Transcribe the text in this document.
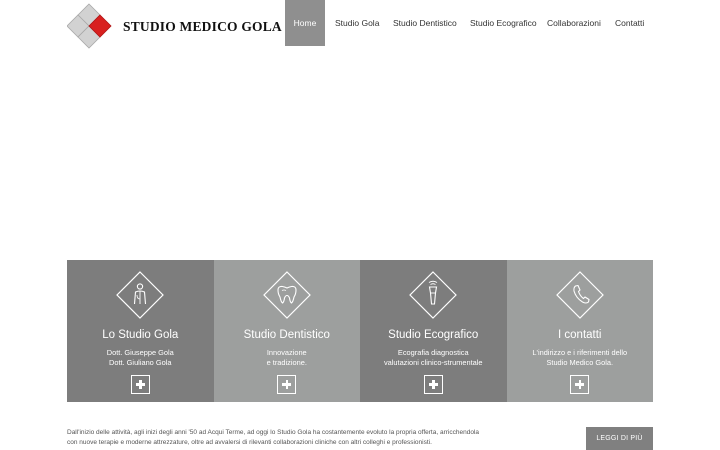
STUDIO MEDICO GOLA Home Studio Gola Studio Dentistico Studio Ecografico Collaborazioni Contatti
Lo Studio Gola
Dott. Giuseppe Gola
Dott. Giuliano Gola
Studio Dentistico
Innovazione
e tradizione.
Studio Ecografico
Ecografia diagnostica
valutazioni clinico-strumentale
I contatti
L'indirizzo e i riferimenti dello
Studio Medico Gola.
Dall'inizio delle attività, agli inizi degli anni '50 ad Acqui Terme, ad oggi lo Studio Gola ha costantemente evoluto la propria offerta, arricchendola
con nuove terapie e moderne attrezzature, oltre ad avvalersi di rilevanti collaborazioni cliniche con altri colleghi e professionisti.
LEGGI DI PIÙ
